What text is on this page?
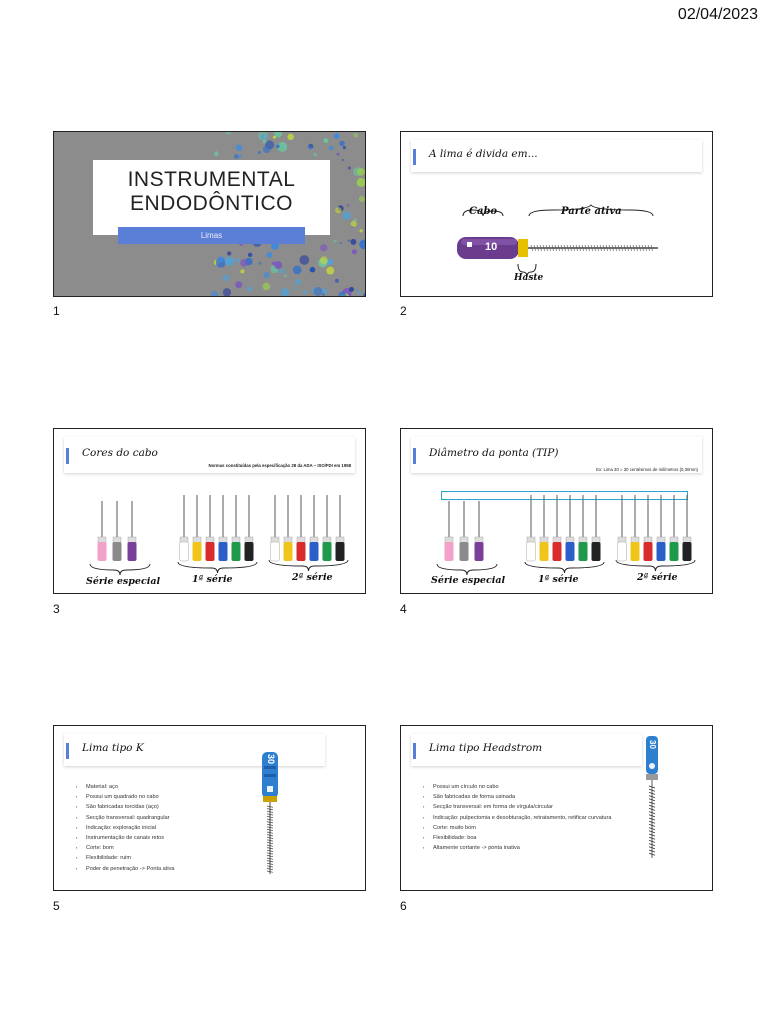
02/04/2023
INSTRUMENTAL
ENDODÔNTICO
Limas
1
A lima é divida em...
Cabo	Parte ativa
10
Haste
2
Cores do cabo
Normas constituídas pela especificação 28 da ADA – ISO/FDI em 1958
Série especial	1ª série	2ª série
3
Diâmetro da ponta (TIP)
Ex: Lima 30 = 30 centésimos de milímetros (0,30mm)
Série especial	1ª série	2ª série
4
Lima tipo K
▪ Material: aço
▪ Possui um quadrado no cabo
▪ São fabricadas torcidas (aço)
▪ Secção transversal: quadrangular
▪ Indicação: exploração inicial
▪ Instrumentação de canais retos
▪ Corte: bom
▪ Flexibilidade: ruim
▪ Poder de penetração -> Ponta ativa
30
5
Lima tipo Headstrom
▪ Possui um círculo no cabo
▪ São fabricadas de forma usinada
▪ Secção transversal: em forma de vírgula/circular
▪ Indicação: pulpectomia e desobturação, retratamento, retificar curvatura
▪ Corte: muito bom
▪ Flexibilidade: boa
▪ Altamente cortante -> ponta inativa
30
6
